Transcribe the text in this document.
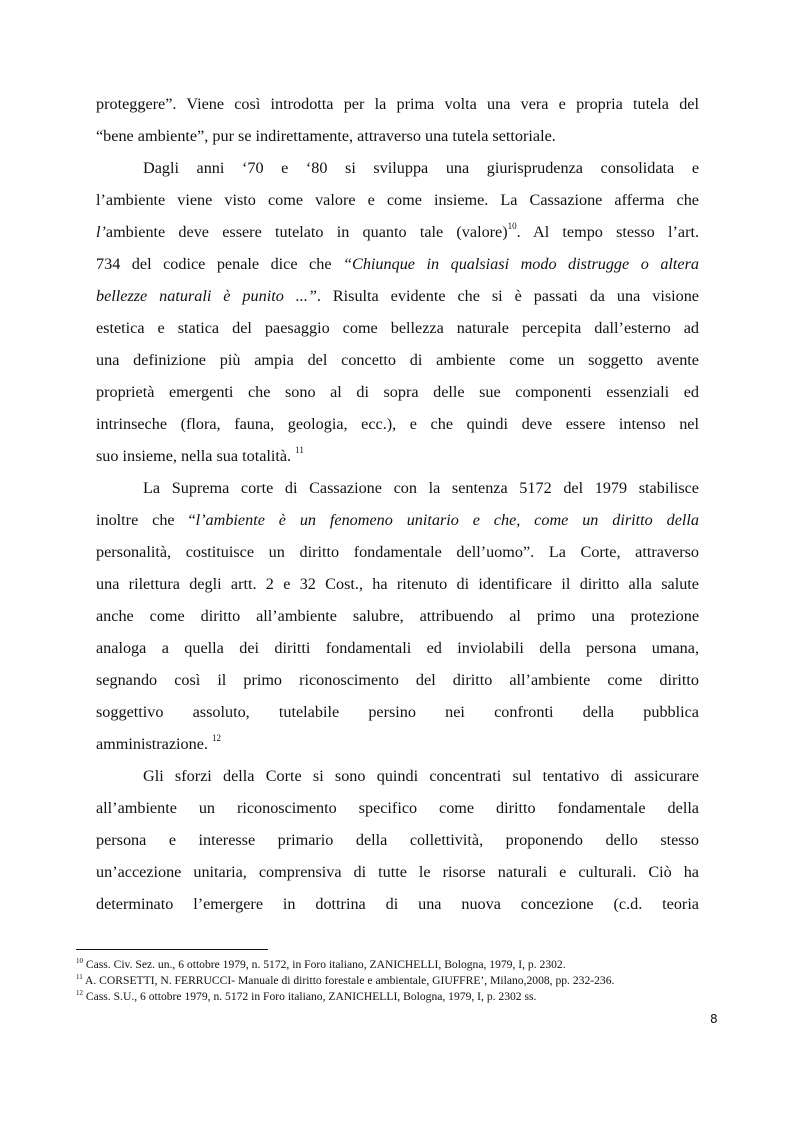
proteggere”. Viene così introdotta per la prima volta una vera e propria tutela del
“bene ambiente”, pur se indirettamente, attraverso una tutela settoriale.
Dagli anni ‘70 e ‘80 si sviluppa una giurisprudenza consolidata e
l’ambiente viene visto come valore e come insieme. La Cassazione afferma che
l’ambiente deve essere tutelato in quanto tale (valore)$^{10}$. Al tempo stesso l’art.
734 del codice penale dice che “Chiunque in qualsiasi modo distrugge o altera
bellezze naturali è punito ...”. Risulta evidente che si è passati da una visione
estetica e statica del paesaggio come bellezza naturale percepita dall’esterno ad
una definizione più ampia del concetto di ambiente come un soggetto avente
proprietà emergenti che sono al di sopra delle sue componenti essenziali ed
intrinseche (flora, fauna, geologia, ecc.), e che quindi deve essere intenso nel
suo insieme, nella sua totalità. $^{11}$
La Suprema corte di Cassazione con la sentenza 5172 del 1979 stabilisce
inoltre che “l’ambiente è un fenomeno unitario e che, come un diritto della
personalità, costituisce un diritto fondamentale dell’uomo”. La Corte, attraverso
una rilettura degli artt. 2 e 32 Cost., ha ritenuto di identificare il diritto alla salute
anche come diritto all’ambiente salubre, attribuendo al primo una protezione
analoga a quella dei diritti fondamentali ed inviolabili della persona umana,
segnando così il primo riconoscimento del diritto all’ambiente come diritto
soggettivo assoluto, tutelabile persino nei confronti della pubblica
amministrazione. $^{12}$
Gli sforzi della Corte si sono quindi concentrati sul tentativo di assicurare
all’ambiente un riconoscimento specifico come diritto fondamentale della
persona e interesse primario della collettività, proponendo dello stesso
un’accezione unitaria, comprensiva di tutte le risorse naturali e culturali. Ciò ha
determinato l’emergere in dottrina di una nuova concezione (c.d. teoria
$^{10}$ Cass. Civ. Sez. un., 6 ottobre 1979, n. 5172, in Foro italiano, ZANICHELLI, Bologna, 1979, I, p. 2302.
$^{11}$ A. CORSETTI, N. FERRUCCI- Manuale di diritto forestale e ambientale, GIUFFRE’, Milano,2008, pp. 232-236.
$^{12}$ Cass. S.U., 6 ottobre 1979, n. 5172 in Foro italiano, ZANICHELLI, Bologna, 1979, I, p. 2302 ss.
8
